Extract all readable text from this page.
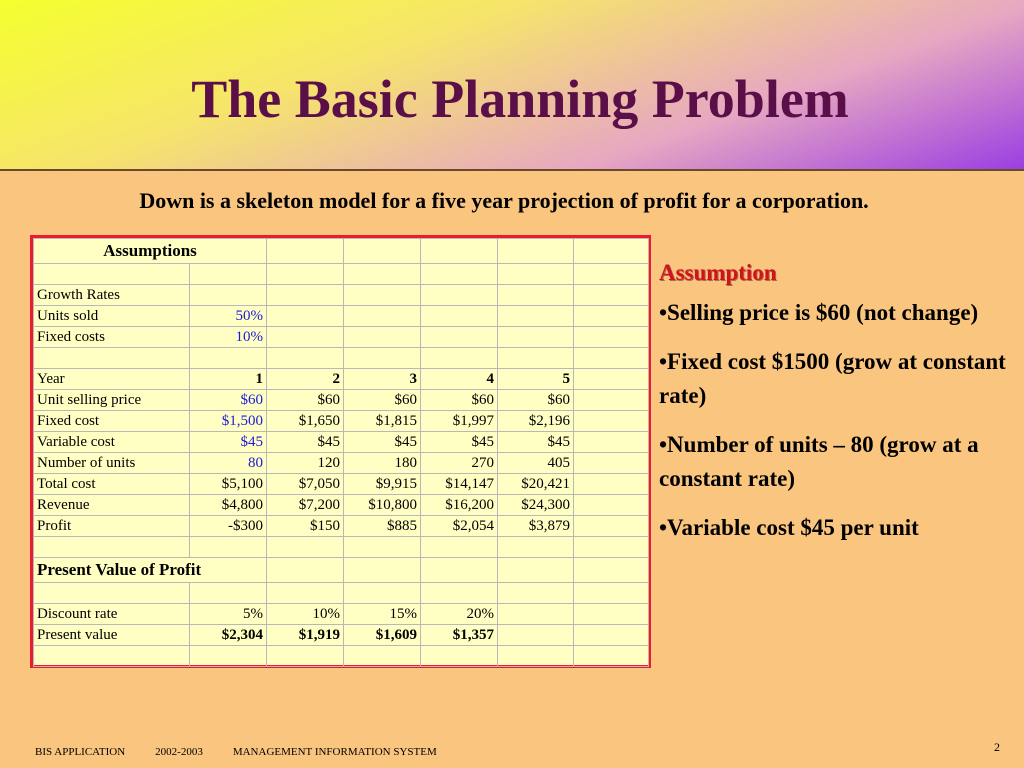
The Basic Planning Problem
Down is a skeleton model for a five year projection of profit for a corporation.
Assumptions						

Growth Rates						
Units sold	50%					
Fixed costs	10%					

Year	1	2	3	4	5	
Unit selling price	$60	$60	$60	$60	$60	
Fixed cost	$1,500	$1,650	$1,815	$1,997	$2,196	
Variable cost	$45	$45	$45	$45	$45	
Number of units	80	120	180	270	405	
Total cost	$5,100	$7,050	$9,915	$14,147	$20,421	
Revenue	$4,800	$7,200	$10,800	$16,200	$24,300	
Profit	-$300	$150	$885	$2,054	$3,879	

Present Value of Profit						

Discount rate	5%	10%	15%	20%		
Present value	$2,304	$1,919	$1,609	$1,357		

Assumption
•Selling price is $60 (not change)
•Fixed cost $1500 (grow at constant rate)
•Number of units – 80 (grow at a constant rate)
•Variable cost $45 per unit
BIS APPLICATION	2002-2003	MANAGEMENT INFORMATION SYSTEM	2
